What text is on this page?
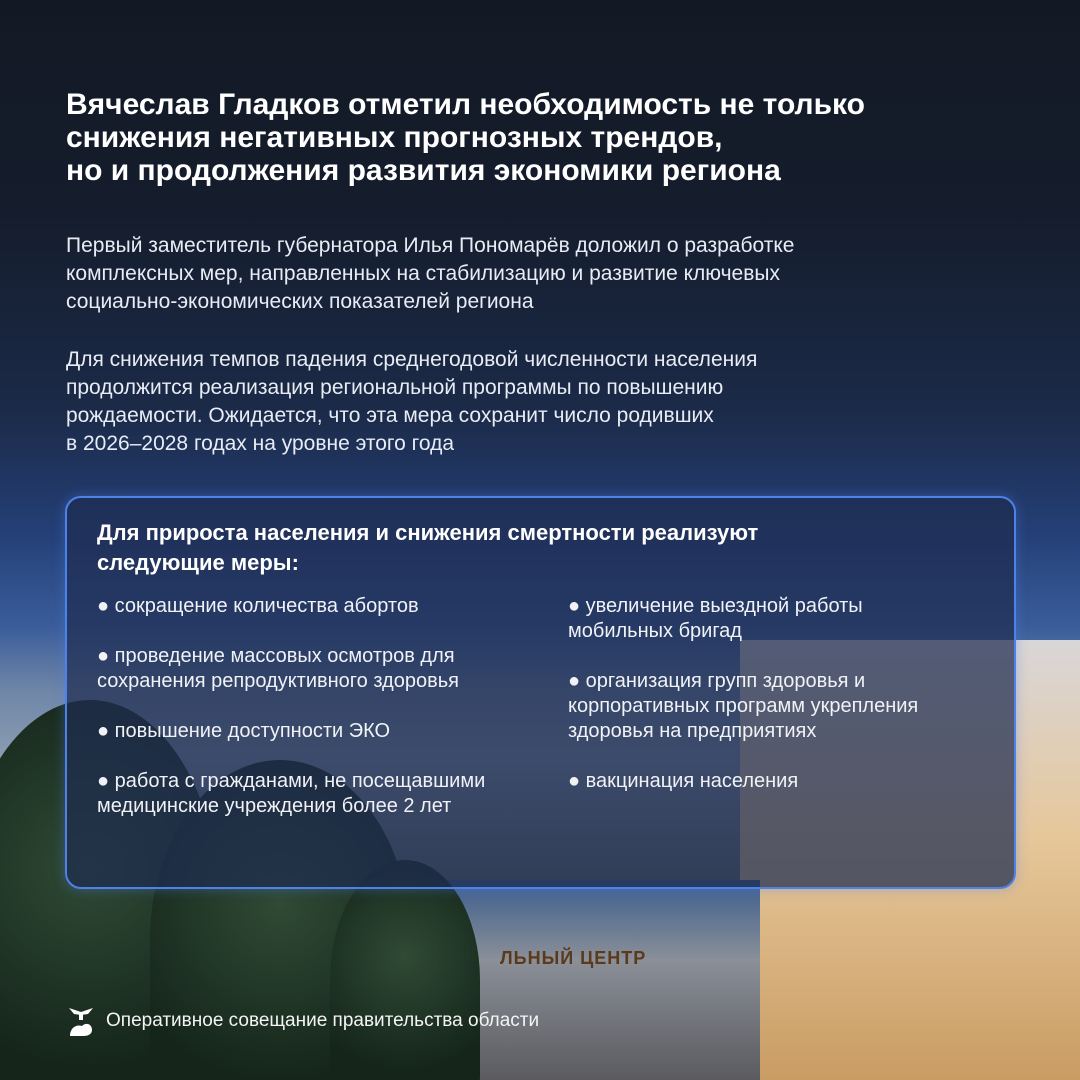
ЛЬНЫЙ ЦЕНТР
Вячеслав Гладков отметил необходимость не только
снижения негативных прогнозных трендов,
но и продолжения развития экономики региона
Первый заместитель губернатора Илья Пономарёв доложил о разработке
комплексных мер, направленных на стабилизацию и развитие ключевых
социально-экономических показателей региона
Для снижения темпов падения среднегодовой численности населения
продолжится реализация региональной программы по повышению
рождаемости. Ожидается, что эта мера сохранит число родивших
в 2026–2028 годах на уровне этого года
Для прироста населения и снижения смертности реализуют
следующие меры:
● сокращение количества абортов
● проведение массовых осмотров для сохранения репродуктивного здоровья
● повышение доступности ЭКО
● работа с гражданами, не посещавшими медицинские учреждения более 2 лет
● увеличение выездной работы мобильных бригад
● организация групп здоровья и корпоративных программ укрепления здоровья на предприятиях
● вакцинация населения
Оперативное совещание правительства области
